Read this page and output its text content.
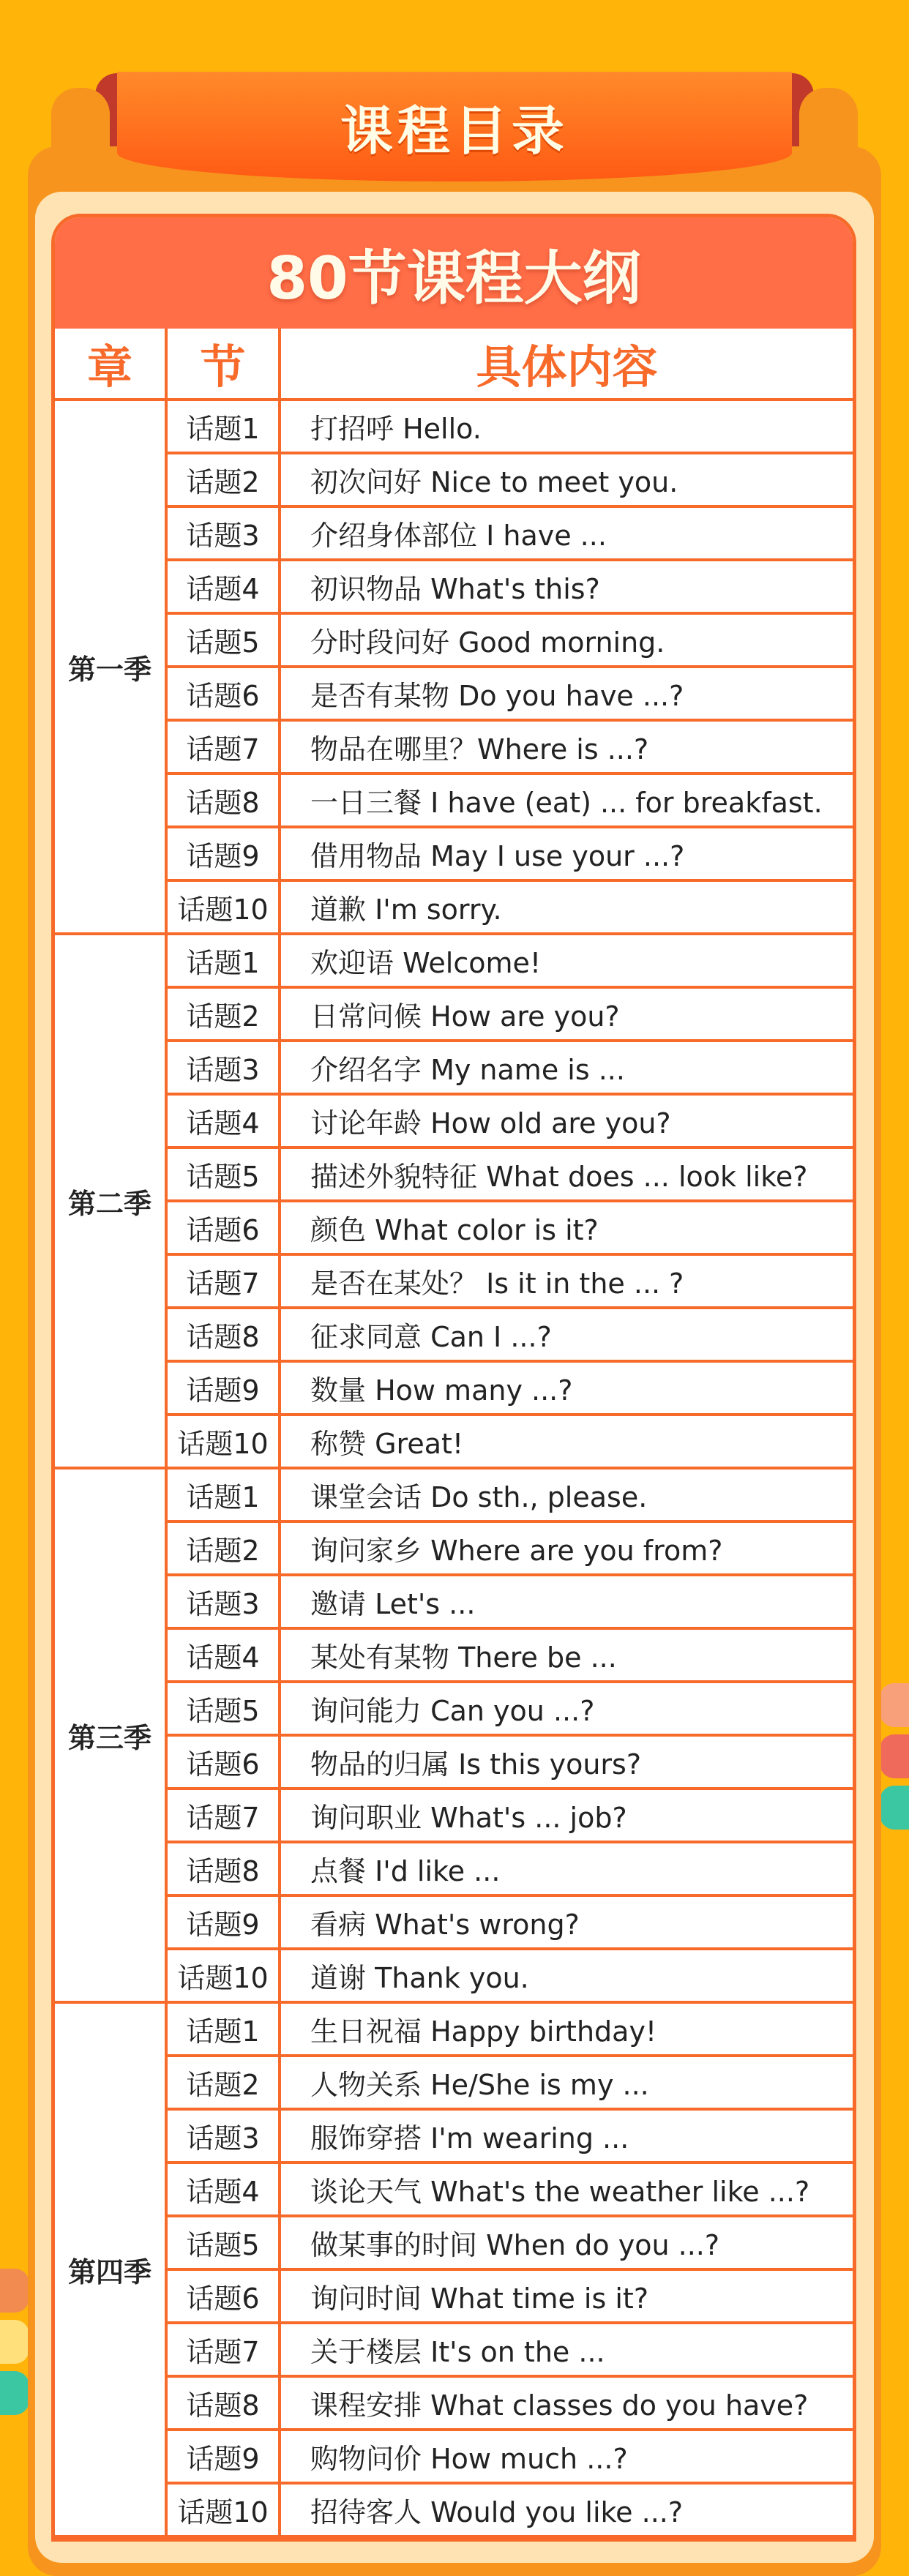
课程目录
80节课程大纲
章	节	具体内容
第一季	话题1	打招呼 Hello.
	话题2	初次问好 Nice to meet you.
	话题3	介绍身体部位 I have ...
	话题4	初识物品 What's this?
	话题5	分时段问好 Good morning.
	话题6	是否有某物 Do you have ...?
	话题7	物品在哪里？Where is ...?
	话题8	一日三餐 I have (eat) ... for breakfast.
	话题9	借用物品 May I use your ...?
	话题10	道歉 I'm sorry.
第二季	话题1	欢迎语 Welcome!
	话题2	日常问候 How are you?
	话题3	介绍名字 My name is ...
	话题4	讨论年龄 How old are you?
	话题5	描述外貌特征 What does ... look like?
	话题6	颜色 What color is it?
	话题7	是否在某处？ Is it in the ... ?
	话题8	征求同意 Can I ...?
	话题9	数量 How many ...?
	话题10	称赞 Great!
第三季	话题1	课堂会话 Do sth., please.
	话题2	询问家乡 Where are you from?
	话题3	邀请 Let's ...
	话题4	某处有某物 There be ...
	话题5	询问能力 Can you ...?
	话题6	物品的归属 Is this yours?
	话题7	询问职业 What's ... job?
	话题8	点餐 I'd like ...
	话题9	看病 What's wrong?
	话题10	道谢 Thank you.
第四季	话题1	生日祝福 Happy birthday!
	话题2	人物关系 He/She is my ...
	话题3	服饰穿搭 I'm wearing ...
	话题4	谈论天气 What's the weather like ...?
	话题5	做某事的时间 When do you ...?
	话题6	询问时间 What time is it?
	话题7	关于楼层 It's on the ...
	话题8	课程安排 What classes do you have?
	话题9	购物问价 How much ...?
	话题10	招待客人 Would you like ...?
